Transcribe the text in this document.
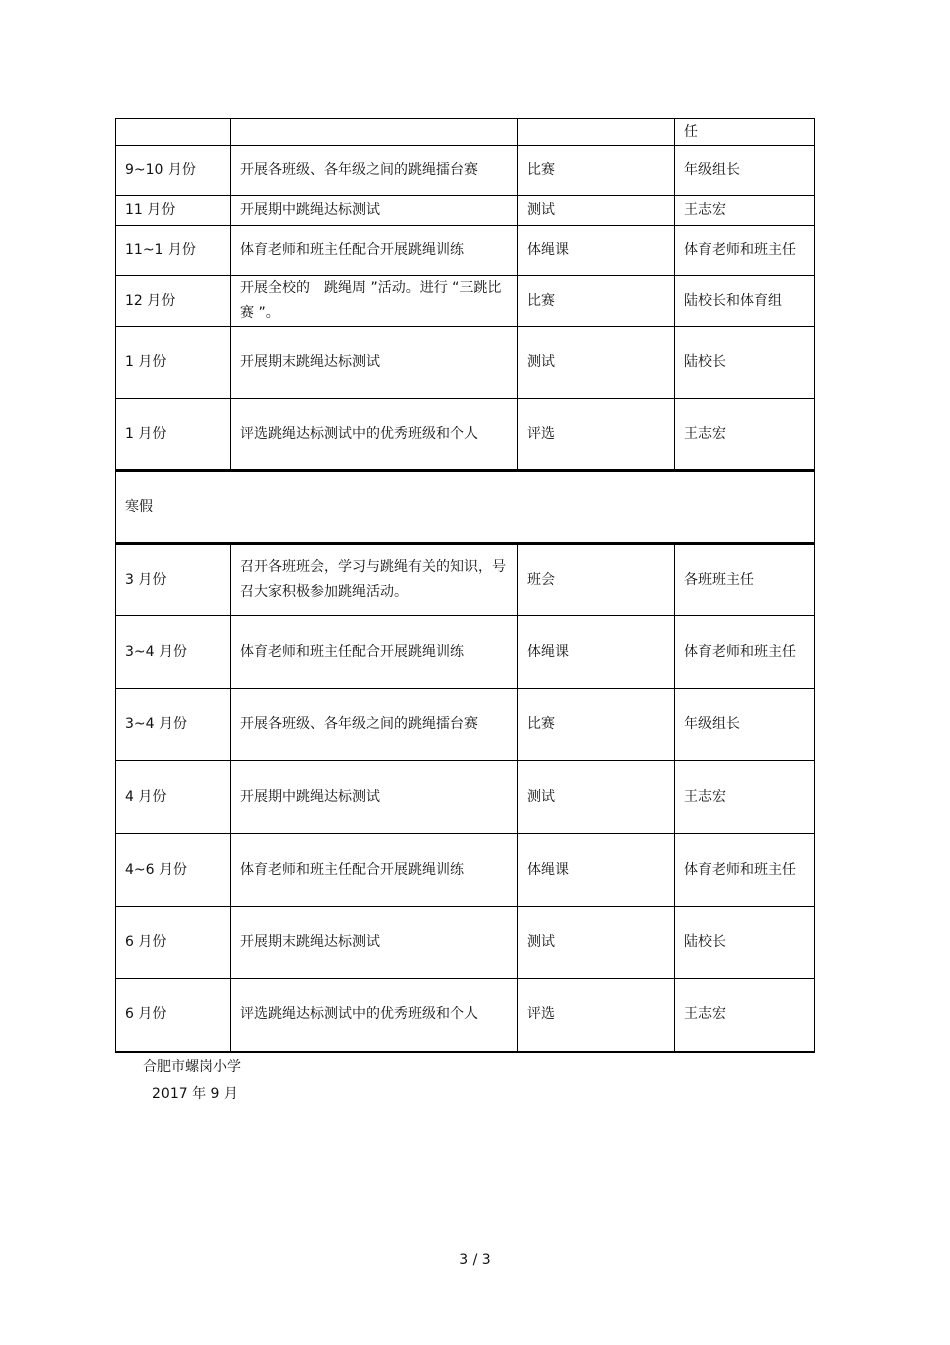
			任
9~10 月份	开展各班级、各年级之间的跳绳擂台赛	比赛	年级组长
11 月份	开展期中跳绳达标测试	测试	王志宏
11~1 月份	体育老师和班主任配合开展跳绳训练	体绳课	体育老师和班主任
12 月份	开展全校的　跳绳周 ”活动。进行 “三跳比赛 ”。	比赛	陆校长和体育组
1 月份	开展期末跳绳达标测试	测试	陆校长
1 月份	评选跳绳达标测试中的优秀班级和个人	评选	王志宏
寒假			
3 月份	召开各班班会，学习与跳绳有关的知识，号召大家积极参加跳绳活动。	班会	各班班主任
3~4 月份	体育老师和班主任配合开展跳绳训练	体绳课	体育老师和班主任
3~4 月份	开展各班级、各年级之间的跳绳擂台赛	比赛	年级组长
4 月份	开展期中跳绳达标测试	测试	王志宏
4~6 月份	体育老师和班主任配合开展跳绳训练	体绳课	体育老师和班主任
6 月份	开展期末跳绳达标测试	测试	陆校长
6 月份	评选跳绳达标测试中的优秀班级和个人	评选	王志宏
合肥市螺岗小学
2017 年 9 月
3 / 3
